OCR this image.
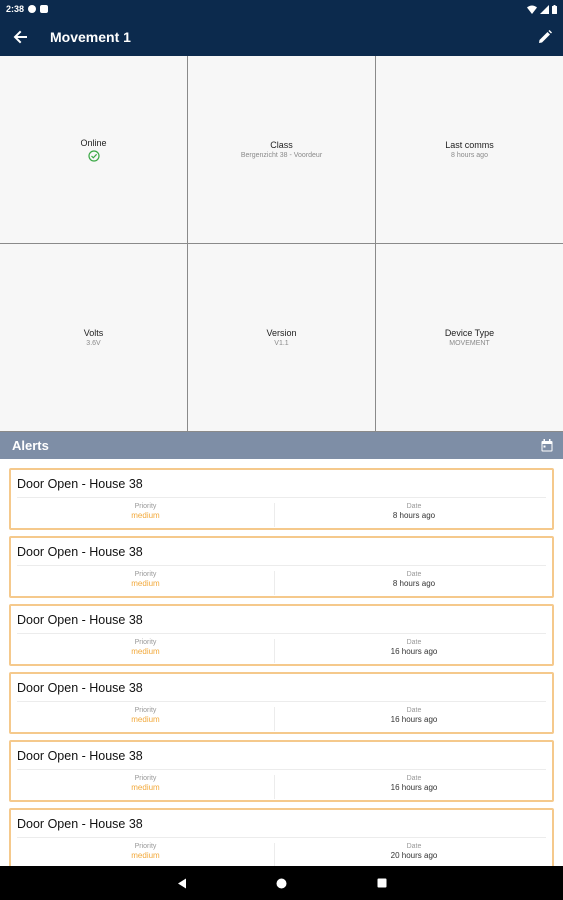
2:38
Movement 1
Online	Class
Bergenzicht 38 - Voordeur
Last comms
8 hours ago
Volts
3.6V
Version
V1.1
Device Type
MOVEMENT
Alerts
Door Open - House 38
Priority
medium
Date
8 hours ago
Door Open - House 38
Priority
medium
Date
8 hours ago
Door Open - House 38
Priority
medium
Date
16 hours ago
Door Open - House 38
Priority
medium
Date
16 hours ago
Door Open - House 38
Priority
medium
Date
16 hours ago
Door Open - House 38
Priority
medium
Date
20 hours ago
